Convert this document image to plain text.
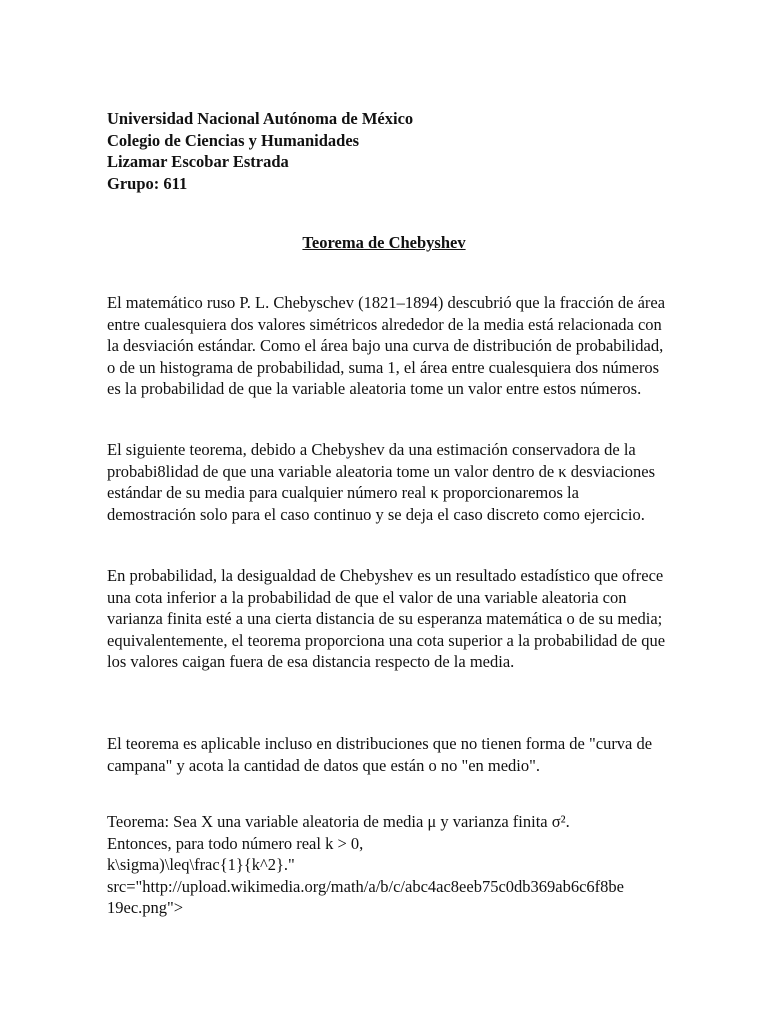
Universidad Nacional Autónoma de México
Colegio de Ciencias y Humanidades
Lizamar Escobar Estrada
Grupo: 611
Teorema de Chebyshev
El matemático ruso P. L. Chebyschev (1821–1894) descubrió que la fracción de área entre cualesquiera dos valores simétricos alrededor de la media está relacionada con la desviación estándar. Como el área bajo una curva de distribución de probabilidad, o de un histograma de probabilidad, suma 1, el área entre cualesquiera dos números es la probabilidad de que la variable aleatoria tome un valor entre estos números.
El siguiente teorema, debido a Chebyshev da una estimación conservadora de la probabi8lidad de que una variable aleatoria tome un valor dentro de κ desviaciones estándar de su media para cualquier número real κ proporcionaremos la demostración solo para el caso continuo y se deja el caso discreto como ejercicio.
En probabilidad, la desigualdad de Chebyshev es un resultado estadístico que ofrece una cota inferior a la probabilidad de que el valor de una variable aleatoria con varianza finita esté a una cierta distancia de su esperanza matemática o de su media; equivalentemente, el teorema proporciona una cota superior a la probabilidad de que los valores caigan fuera de esa distancia respecto de la media.
El teorema es aplicable incluso en distribuciones que no tienen forma de "curva de campana" y acota la cantidad de datos que están o no "en medio".
Teorema: Sea X una variable aleatoria de media μ y varianza finita σ².
Entonces, para todo número real k > 0,
k\sigma)\leq\frac{1}{k^2}."
src="http://upload.wikimedia.org/math/a/b/c/abc4ac8eeb75c0db369ab6c6f8be
19ec.png">
